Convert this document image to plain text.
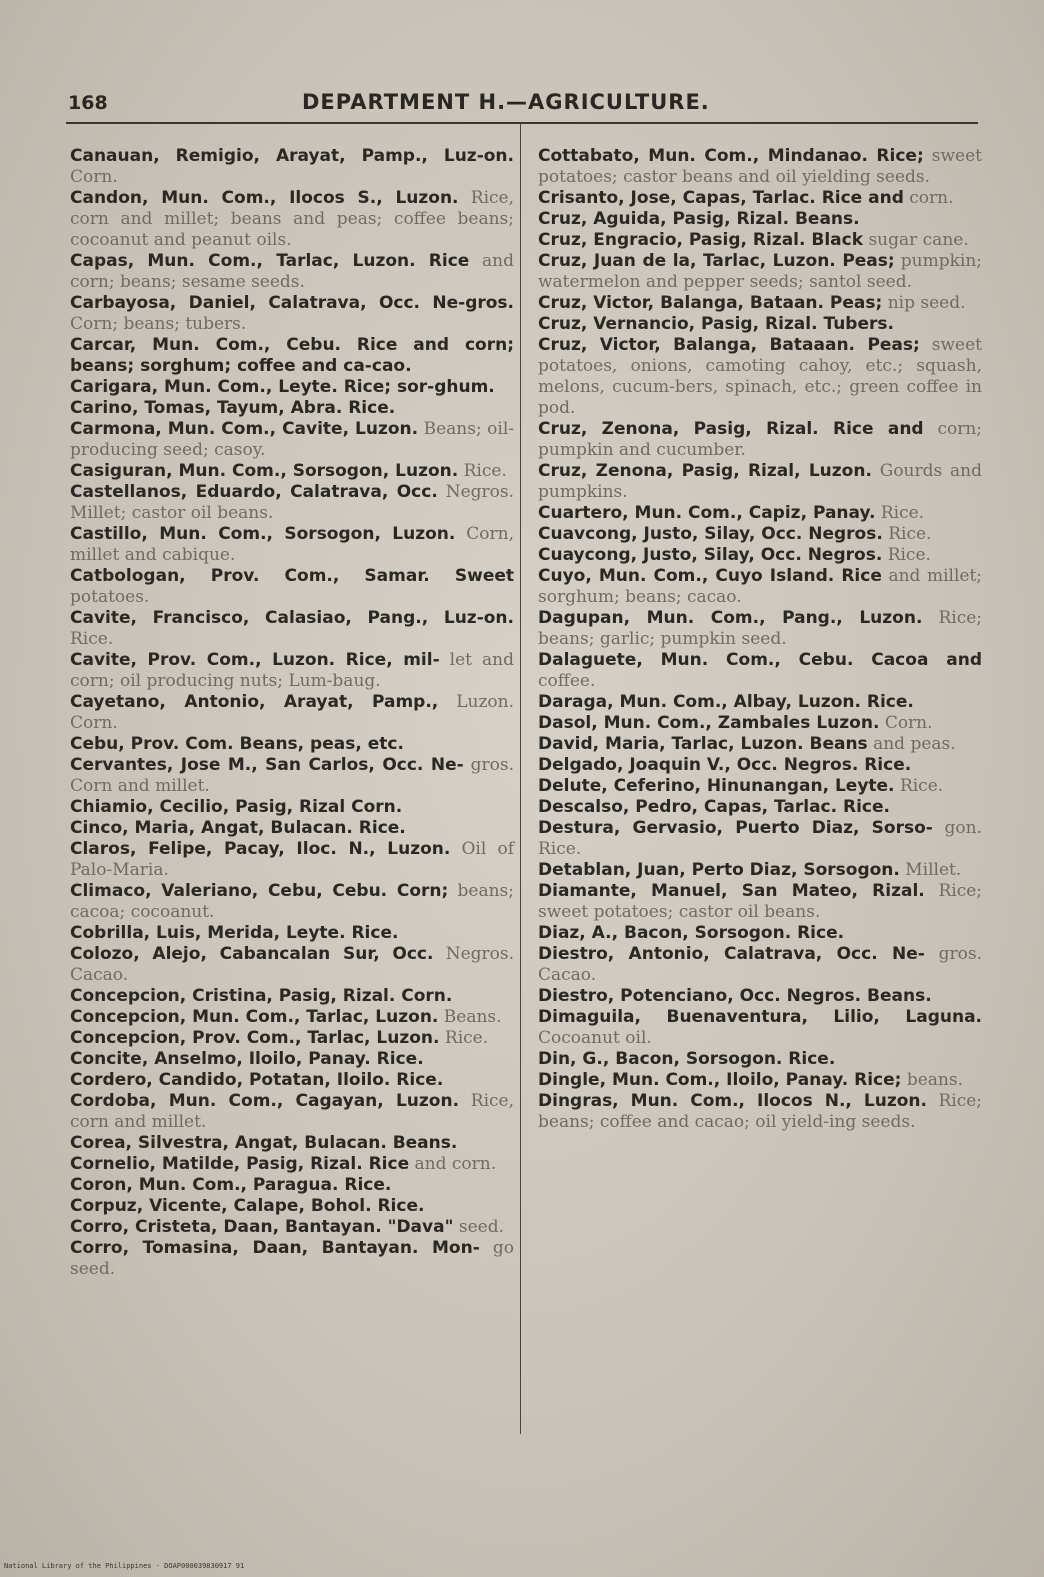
168	DEPARTMENT H.—AGRICULTURE.

Canauan, Remigio, Arayat, Pamp., Luz-on. Corn.

Candon, Mun. Com., Ilocos S., Luzon. Rice, corn and millet; beans and peas; coffee beans; cocoanut and peanut oils.

Capas, Mun. Com., Tarlac, Luzon. Rice and corn; beans; sesame seeds.

Carbayosa, Daniel, Calatrava, Occ. Ne-gros. Corn; beans; tubers.

Carcar, Mun. Com., Cebu. Rice and corn; beans; sorghum; coffee and ca-cao.

Carigara, Mun. Com., Leyte. Rice; sor-ghum.

Carino, Tomas, Tayum, Abra. Rice.

Carmona, Mun. Com., Cavite, Luzon. Beans; oil-producing seed; casoy.

Casiguran, Mun. Com., Sorsogon, Luzon. Rice.

Castellanos, Eduardo, Calatrava, Occ. Negros. Millet; castor oil beans.

Castillo, Mun. Com., Sorsogon, Luzon. Corn, millet and cabique.

Catbologan, Prov. Com., Samar. Sweet potatoes.

Cavite, Francisco, Calasiao, Pang., Luz-on. Rice.

Cavite, Prov. Com., Luzon. Rice, mil- let and corn; oil producing nuts; Lum-baug.

Cayetano, Antonio, Arayat, Pamp., Luzon. Corn.

Cebu, Prov. Com. Beans, peas, etc.

Cervantes, Jose M., San Carlos, Occ. Ne- gros. Corn and millet.

Chiamio, Cecilio, Pasig, Rizal Corn.

Cinco, Maria, Angat, Bulacan. Rice.

Claros, Felipe, Pacay, Iloc. N., Luzon. Oil of Palo-Maria.

Climaco, Valeriano, Cebu, Cebu. Corn; beans; cacoa; cocoanut.

Cobrilla, Luis, Merida, Leyte. Rice.

Colozo, Alejo, Cabancalan Sur, Occ. Negros. Cacao.

Concepcion, Cristina, Pasig, Rizal. Corn.

Concepcion, Mun. Com., Tarlac, Luzon. Beans.

Concepcion, Prov. Com., Tarlac, Luzon. Rice.

Concite, Anselmo, Iloilo, Panay. Rice.

Cordero, Candido, Potatan, Iloilo. Rice.

Cordoba, Mun. Com., Cagayan, Luzon. Rice, corn and millet.

Corea, Silvestra, Angat, Bulacan. Beans.

Cornelio, Matilde, Pasig, Rizal. Rice and corn.

Coron, Mun. Com., Paragua. Rice.

Corpuz, Vicente, Calape, Bohol. Rice.

Corro, Cristeta, Daan, Bantayan. "Dava" seed.

Corro, Tomasina, Daan, Bantayan. Mon- go seed.

Cottabato, Mun. Com., Mindanao. Rice; sweet potatoes; castor beans and oil yielding seeds.

Crisanto, Jose, Capas, Tarlac. Rice and corn.

Cruz, Aguida, Pasig, Rizal. Beans.

Cruz, Engracio, Pasig, Rizal. Black sugar cane.

Cruz, Juan de la, Tarlac, Luzon. Peas; pumpkin; watermelon and pepper seeds; santol seed.

Cruz, Victor, Balanga, Bataan. Peas; nip seed.

Cruz, Vernancio, Pasig, Rizal. Tubers.

Cruz, Victor, Balanga, Bataaan. Peas; sweet potatoes, onions, camoting cahoy, etc.; squash, melons, cucum-bers, spinach, etc.; green coffee in pod.

Cruz, Zenona, Pasig, Rizal. Rice and corn; pumpkin and cucumber.

Cruz, Zenona, Pasig, Rizal, Luzon. Gourds and pumpkins.

Cuartero, Mun. Com., Capiz, Panay. Rice.

Cuavcong, Justo, Silay, Occ. Negros. Rice.

Cuaycong, Justo, Silay, Occ. Negros. Rice.

Cuyo, Mun. Com., Cuyo Island. Rice and millet; sorghum; beans; cacao.

Dagupan, Mun. Com., Pang., Luzon. Rice; beans; garlic; pumpkin seed.

Dalaguete, Mun. Com., Cebu. Cacoa and coffee.

Daraga, Mun. Com., Albay, Luzon. Rice.

Dasol, Mun. Com., Zambales Luzon. Corn.

David, Maria, Tarlac, Luzon. Beans and peas.

Delgado, Joaquin V., Occ. Negros. Rice.

Delute, Ceferino, Hinunangan, Leyte. Rice.

Descalso, Pedro, Capas, Tarlac. Rice.

Destura, Gervasio, Puerto Diaz, Sorso- gon. Rice.

Detablan, Juan, Perto Diaz, Sorsogon. Millet.

Diamante, Manuel, San Mateo, Rizal. Rice; sweet potatoes; castor oil beans.

Diaz, A., Bacon, Sorsogon. Rice.

Diestro, Antonio, Calatrava, Occ. Ne- gros. Cacao.

Diestro, Potenciano, Occ. Negros. Beans.

Dimaguila, Buenaventura, Lilio, Laguna. Cocoanut oil.

Din, G., Bacon, Sorsogon. Rice.

Dingle, Mun. Com., Iloilo, Panay. Rice; beans.

Dingras, Mun. Com., Ilocos N., Luzon. Rice; beans; coffee and cacao; oil yield-ing seeds.

National Library of the Philippines · DOAP000039830917 91
